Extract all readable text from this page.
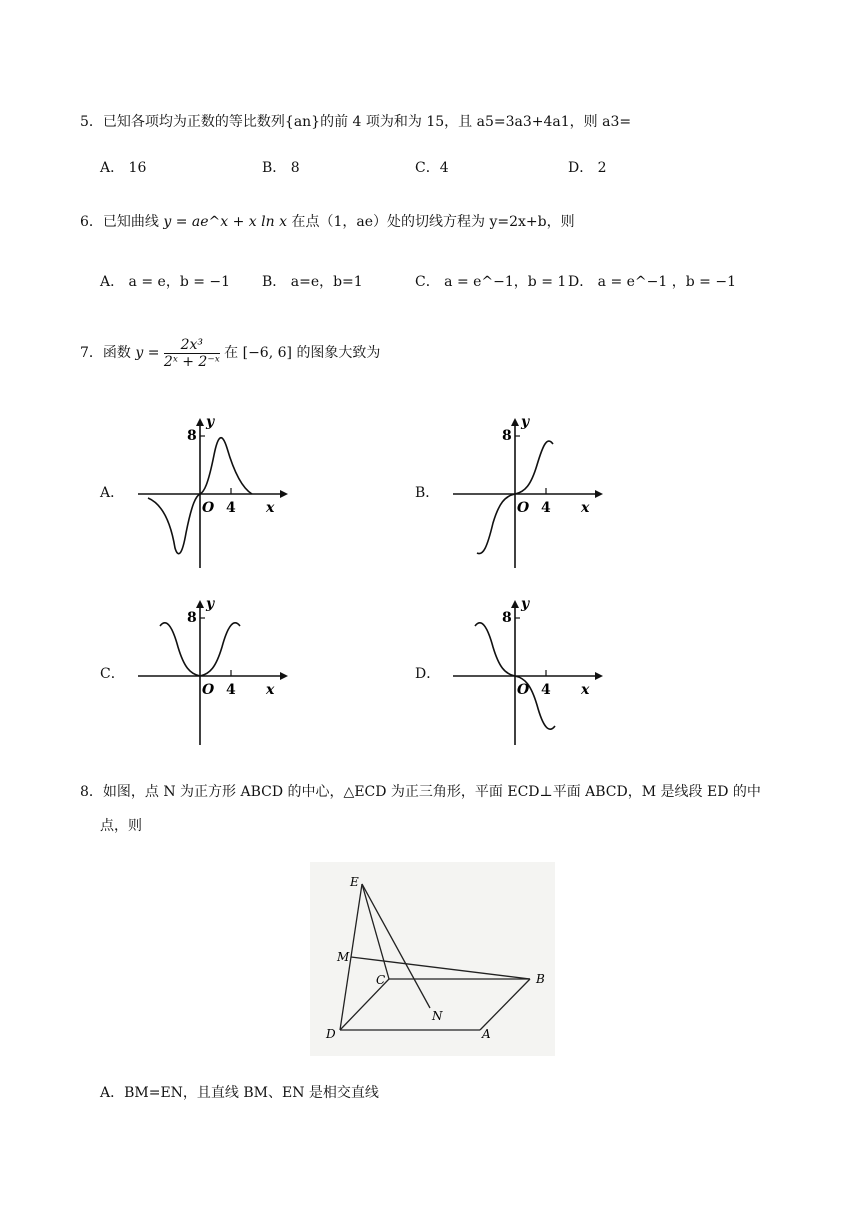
5．已知各项均为正数的等比数列{an}的前 4 项为和为 15，且 a5=3a3+4a1，则 a3=
A． 16	B． 8	C．4	D． 2
6．已知曲线 y = ae^x + x ln x 在点（1，ae）处的切线方程为 y=2x+b，则
A． a = e，b = −1 B． a=e，b=1	C． a = e^−1，b = 1 D． a = e^−1 ，b = −1
7．函数 $y = \frac{\text{2x³}}{\text{2ˣ + 2⁻ˣ}}$ 在 [−6, 6] 的图象大致为
A．	B．
C．	D．
8
y
O 4 x
8
y
O 4 x
8
y
O 4 x
8
y
O 4 x
8．如图，点 N 为正方形 ABCD 的中心，△ECD 为正三角形，平面 ECD⊥平面 ABCD，M 是线段 ED 的中
点，则
E
M
C	B
N
D	A
A．BM=EN，且直线 BM、EN 是相交直线
